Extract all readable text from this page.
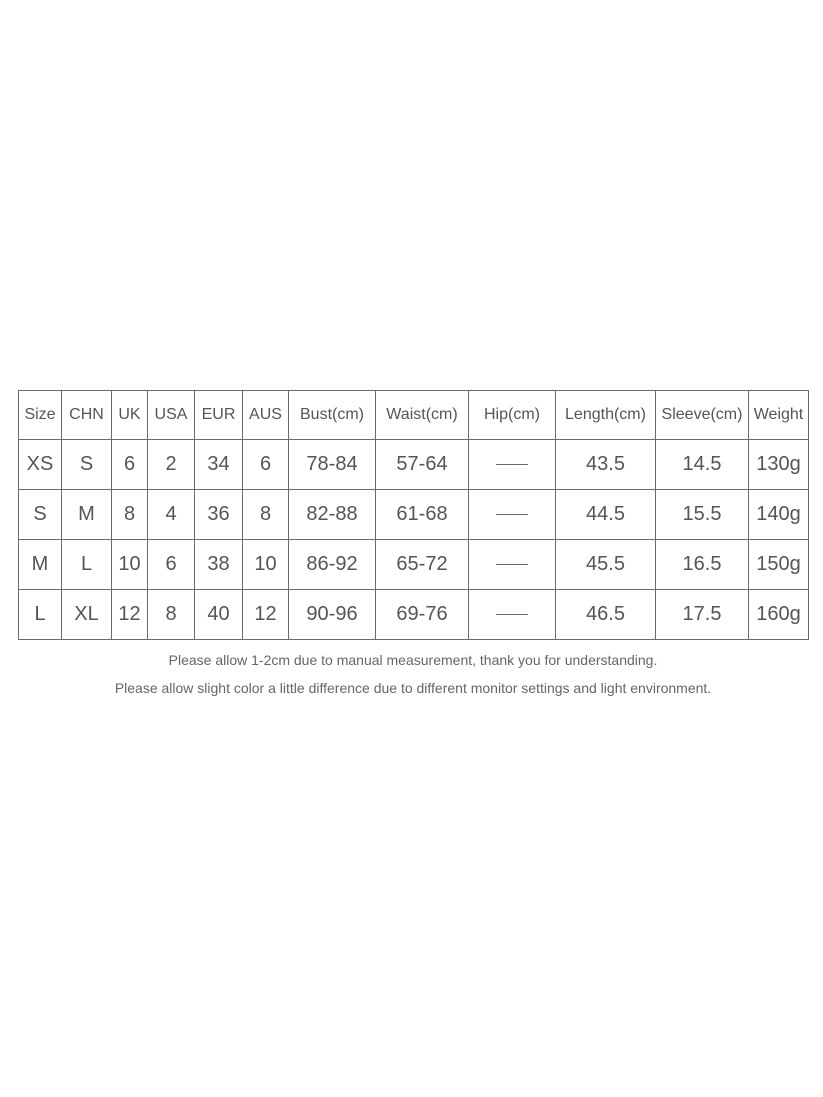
Size	CHN	UK	USA	EUR	AUS	Bust(cm)	Waist(cm)	Hip(cm)	Length(cm)	Sleeve(cm)	Weight
XS	S	6	2	34	6	78-84	57-64		43.5	14.5	130g
S	M	8	4	36	8	82-88	61-68		44.5	15.5	140g
M	L	10	6	38	10	86-92	65-72		45.5	16.5	150g
L	XL	12	8	40	12	90-96	69-76		46.5	17.5	160g
Please allow 1-2cm due to manual measurement, thank you for understanding.
Please allow slight color a little difference due to different monitor settings and light environment.
